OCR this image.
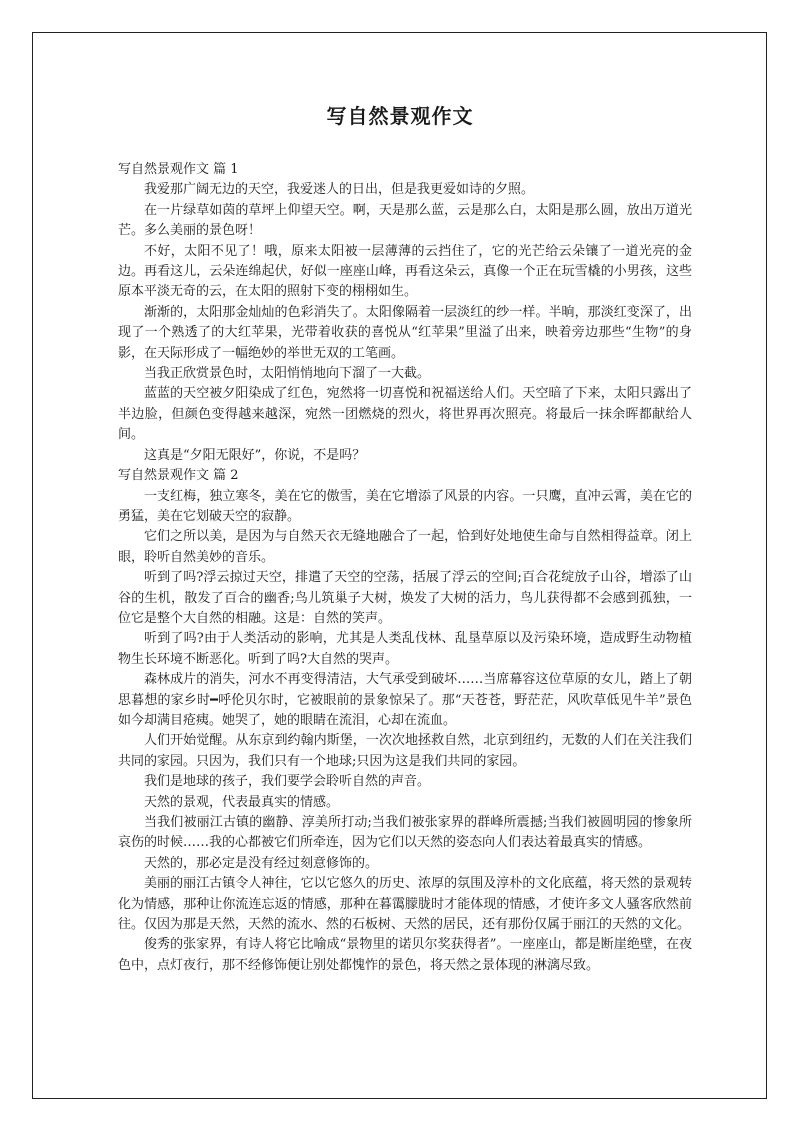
写自然景观作文

写自然景观作文 篇 1

我爱那广阔无边的天空，我爱迷人的日出，但是我更爱如诗的夕照。

在一片绿草如茵的草坪上仰望天空。啊，天是那么蓝，云是那么白，太阳是那么圆，放出万道光芒。多么美丽的景色呀！

不好，太阳不见了！哦，原来太阳被一层薄薄的云挡住了，它的光芒给云朵镶了一道光亮的金边。再看这儿，云朵连绵起伏，好似一座座山峰，再看这朵云，真像一个正在玩雪橇的小男孩，这些原本平淡无奇的云，在太阳的照射下变的栩栩如生。

渐渐的，太阳那金灿灿的色彩消失了。太阳像隔着一层淡红的纱一样。半晌，那淡红变深了，出现了一个熟透了的大红苹果，光带着收获的喜悦从“红苹果”里溢了出来，映着旁边那些“生物”的身影，在天际形成了一幅绝妙的举世无双的工笔画。

当我正欣赏景色时，太阳悄悄地向下溜了一大截。

蓝蓝的天空被夕阳染成了红色，宛然将一切喜悦和祝福送给人们。天空暗了下来，太阳只露出了半边脸，但颜色变得越来越深，宛然一团燃烧的烈火，将世界再次照亮。将最后一抹余晖都献给人间。

这真是“夕阳无限好”，你说，不是吗？

写自然景观作文 篇 2

一支红梅，独立寒冬，美在它的傲雪，美在它增添了风景的内容。一只鹰，直冲云霄，美在它的勇猛，美在它划破天空的寂静。

它们之所以美，是因为与自然天衣无缝地融合了一起，恰到好处地使生命与自然相得益章。闭上眼，聆听自然美妙的音乐。

听到了吗?浮云掠过天空，排遣了天空的空荡，括展了浮云的空间;百合花绽放子山谷，增添了山谷的生机，散发了百合的幽香;鸟儿筑巢子大树，焕发了大树的活力，鸟儿获得都不会感到孤独，一位它是整个大自然的相融。这是：自然的笑声。

听到了吗?由于人类活动的影响，尤其是人类乱伐林、乱垦草原以及污染环境，造成野生动物植物生长环境不断恶化。听到了吗?大自然的哭声。

森林成片的消失，河水不再变得清洁，大气承受到破坏……当席幕容这位草原的女儿，踏上了朝思暮想的家乡时━呼伦贝尔时，它被眼前的景象惊呆了。那“天苍苍，野茫茫，风吹草低见牛羊”景色如今却满目疮痍。她哭了，她的眼睛在流泪，心却在流血。

人们开始觉醒。从东京到约翰内斯堡，一次次地拯救自然，北京到纽约，无数的人们在关注我们共同的家园。只因为，我们只有一个地球;只因为这是我们共同的家园。

我们是地球的孩子，我们要学会聆听自然的声音。

天然的景观，代表最真实的情感。

当我们被丽江古镇的幽静、淳美所打动;当我们被张家界的群峰所震撼;当我们被圆明园的惨象所哀伤的时候……我的心都被它们所牵连，因为它们以天然的姿态向人们表达着最真实的情感。

天然的，那必定是没有经过刻意修饰的。

美丽的丽江古镇令人神往，它以它悠久的历史、浓厚的氛围及淳朴的文化底蕴，将天然的景观转化为情感，那种让你流连忘返的情感，那种在暮霭朦胧时才能体现的情感，才使许多文人骚客欣然前往。仅因为那是天然，天然的流水、然的石板树、天然的居民，还有那份仅属于丽江的天然的文化。

俊秀的张家界，有诗人将它比喻成“景物里的诺贝尔奖获得者”。一座座山，都是断崖绝壁，在夜色中，点灯夜行，那不经修饰便让别处都愧怍的景色，将天然之景体现的淋漓尽致。
